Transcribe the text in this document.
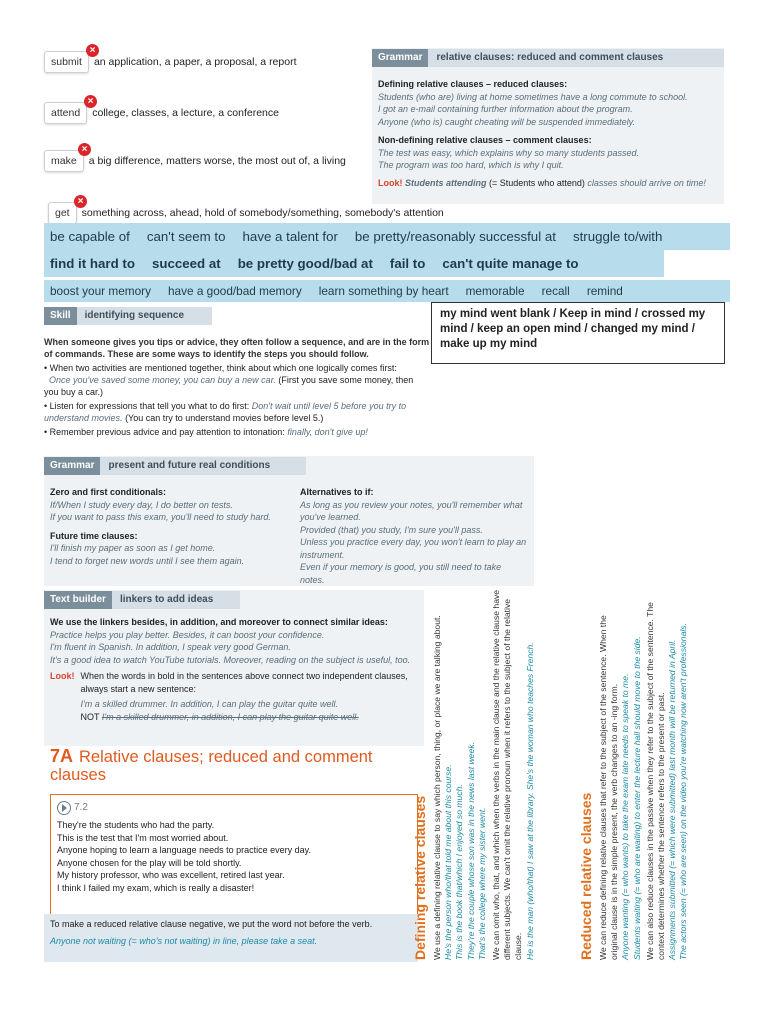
submit	an application, a paper, a proposal, a report
×
attend	college, classes, a lecture, a conference
×
make	a big difference, matters worse, the most out of, a living
×
get	something across, ahead, hold of somebody/something, somebody's attention
×
Grammar	relative clauses: reduced and comment clauses
Defining relative clauses – reduced clauses:
Students (who are) living at home sometimes have a long commute to school.
I got an e-mail containing further information about the program.
Anyone (who is) caught cheating will be suspended immediately.
Non-defining relative clauses – comment clauses:
The test was easy, which explains why so many students passed.
The program was too hard, which is why I quit.
Look! Students attending (= Students who attend) classes should arrive on time!
be capable of can't seem to have a talent for be pretty/reasonably successful at struggle to/with
find it hard to succeed at be pretty good/bad at fail to can't quite manage to
boost your memory have a good/bad memory learn something by heart memorable recall remind
my mind went blank / Keep in mind / crossed my mind / keep an open mind / changed my mind / make up my mind
Skill	identifying sequence
When someone gives you tips or advice, they often follow a sequence, and are in the form of commands. These are some ways to identify the steps you should follow.
• When two activities are mentioned together, think about which one logically comes first:
Once you've saved some money, you can buy a new car. (First you save some money, then you buy a car.)
• Listen for expressions that tell you what to do first: Don't wait until level 5 before you try to understand movies. (You can try to understand movies before level 5.)
• Remember previous advice and pay attention to intonation: finally, don't give up!
Grammar	present and future real conditions
Zero and first conditionals:
If/When I study every day, I do better on tests.
If you want to pass this exam, you'll need to study hard.
Future time clauses:
I'll finish my paper as soon as I get home.
I tend to forget new words until I see them again.
Alternatives to if:
As long as you review your notes, you'll remember what you've learned.
Provided (that) you study, I'm sure you'll pass.
Unless you practice every day, you won't learn to play an instrument.
Even if your memory is good, you still need to take notes.
Text builder	linkers to add ideas
We use the linkers besides, in addition, and moreover to connect similar ideas:
Practice helps you play better. Besides, it can boost your confidence.
I'm fluent in Spanish. In addition, I speak very good German.
It's a good idea to watch YouTube tutorials. Moreover, reading on the subject is useful, too.
Look! When the words in bold in the sentences above connect two independent clauses, always start a new sentence:
I'm a skilled drummer. In addition, I can play the guitar quite well.
NOT I'm a skilled drummer, in addition, I can play the guitar quite well.
7A Relative clauses; reduced and comment clauses
7.2
They're the students who had the party.
This is the test that I'm most worried about.
Anyone hoping to learn a language needs to practice every day.
Anyone chosen for the play will be told shortly.
My history professor, who was excellent, retired last year.
I think I failed my exam, which is really a disaster!
To make a reduced relative clause negative, we put the word not before the verb.
Anyone not waiting (= who's not waiting) in line, please take a seat.	Defining relative clauses We use a defining relative clause to say which person, thing, or place we are talking about. He's the person who/that told me about this course. This is the book that/which I enjoyed so much. They're the couple whose son was in the news last week. That's the college where my sister went. We can omit who, that, and which when the verbs in the main clause and the relative clause have different subjects. We can't omit the relative pronoun when it refers to the subject of the relative clause. He is the man (who/that) I saw at the library. She's the woman who teaches French.	Reduced relative clauses We can reduce defining relative clauses that refer to the subject of the sentence. When the original clause is in the simple present, the verb changes to an -ing form. Anyone wanting (= who wants) to take the exam late needs to speak to me. Students waiting (= who are waiting) to enter the lecture hall should move to the side. We can also reduce clauses in the passive when they refer to the subject of the sentence. The context determines whether the sentence refers to the present or past. Assignments submitted (= which were submitted) last month will be returned in April. The actors seen (= who are seen) on the video you're watching now aren't professionals.
